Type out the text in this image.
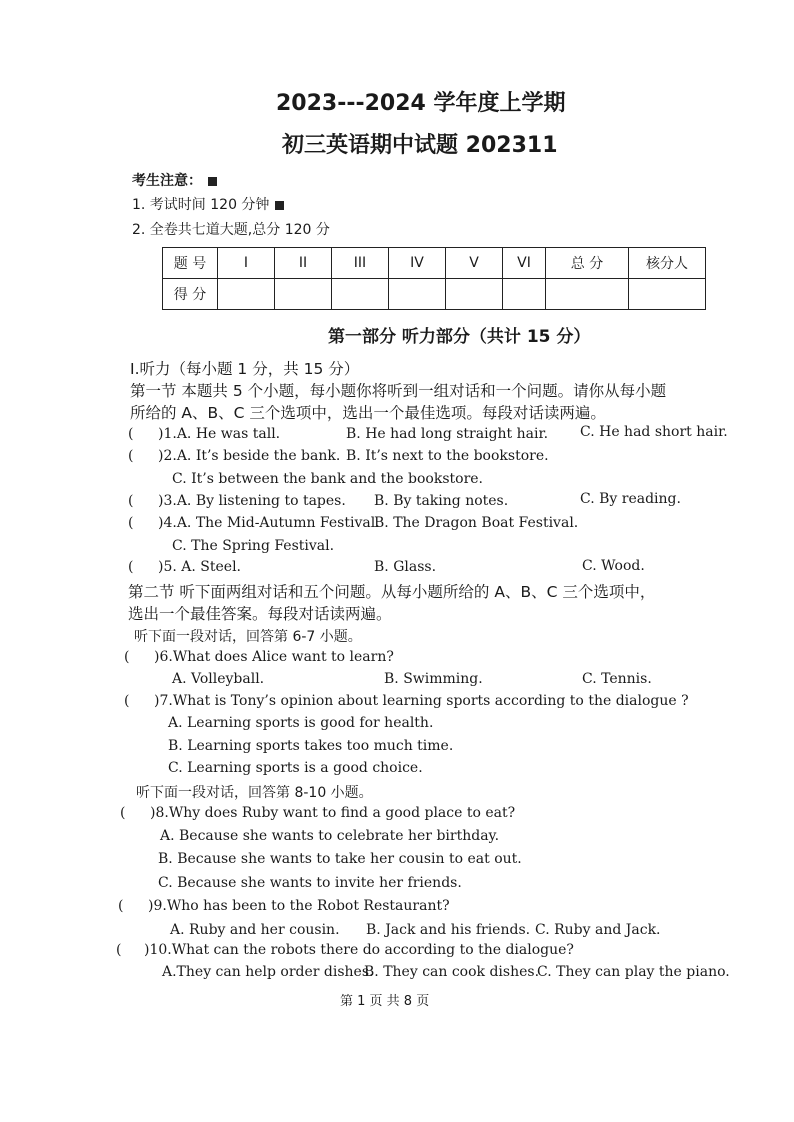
2023---2024 学年度上学期
初三英语期中试题 202311
考生注意：
1. 考试时间 120 分钟
2. 全卷共七道大题,总分 120 分
题 号	I	II	III	IV	V	VI	总 分	核分人
得 分								
第一部分 听力部分（共计 15 分）
I.听力（每小题 1 分，共 15 分）
第一节 本题共 5 个小题，每小题你将听到一组对话和一个问题。请你从每小题
所给的 A、B、C 三个选项中，选出一个最佳选项。每段对话读两遍。
( )1.A. He was tall.	B. He had long straight hair. C. He had short hair.
( )2.A. It’s beside the bank. B. It’s next to the bookstore.
C. It’s between the bank and the bookstore.
( )3.A. By listening to tapes. B. By taking notes.	C. By reading.
( )4.A. The Mid-Autumn Festival.
B. The Dragon Boat Festival.
C. The Spring Festival.
( )5. A. Steel.	B. Glass.	C. Wood.
第二节 听下面两组对话和五个问题。从每小题所给的 A、B、C 三个选项中，
选出一个最佳答案。每段对话读两遍。
听下面一段对话，回答第 6-7 小题。
( )6.What does Alice want to learn?
A. Volleyball.	B. Swimming.	C. Tennis.
( )7.What is Tony’s opinion about learning sports according to the dialogue ?
A. Learning sports is good for health.
B. Learning sports takes too much time.
C. Learning sports is a good choice.
听下面一段对话，回答第 8-10 小题。
( )8.Why does Ruby want to find a good place to eat?
A. Because she wants to celebrate her birthday.
B. Because she wants to take her cousin to eat out.
C. Because she wants to invite her friends.
( )9.Who has been to the Robot Restaurant?
A. Ruby and her cousin. B. Jack and his friends. C. Ruby and Jack.
( )10.What can the robots there do according to the dialogue?
A.They can help order dishes.
B. They can cook dishes.
C. They can play the piano.
第 1 页 共 8 页
